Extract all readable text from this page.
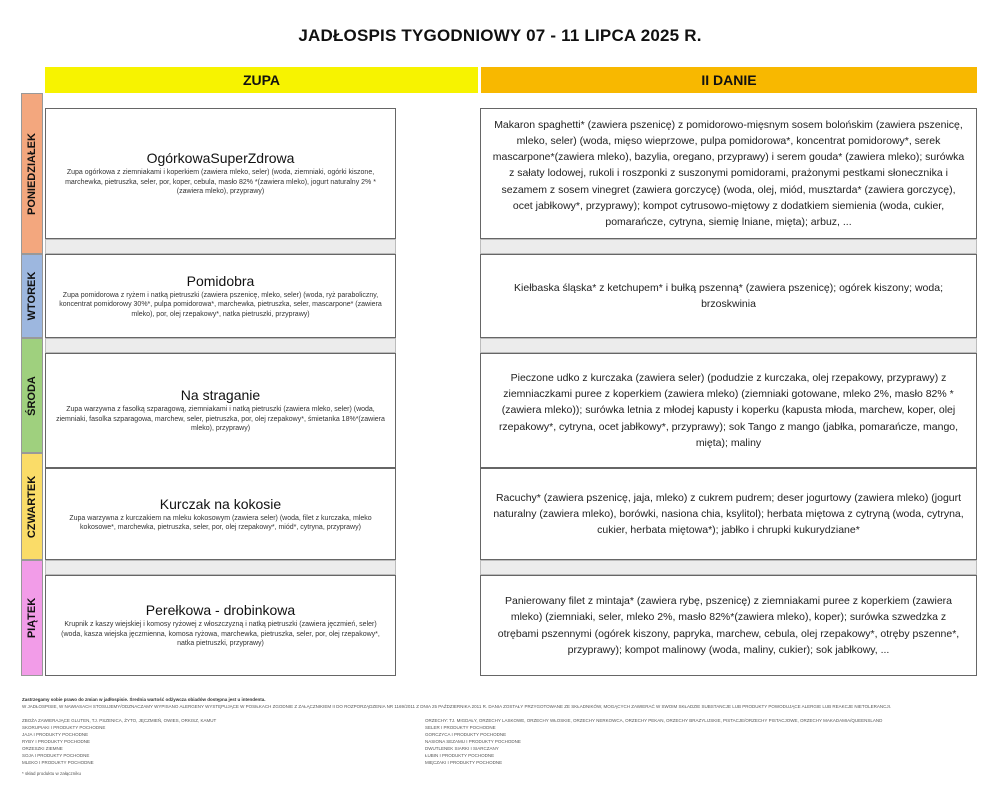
JADŁOSPIS TYGODNIOWY 07 - 11 LIPCA 2025 R.
ZUPA	II DANIE
PONIEDZIAŁEK
WTOREK
ŚRODA
CZWARTEK
PIĄTEK
OgórkowaSuperZdrowa
Zupa ogórkowa z ziemniakami i koperkiem (zawiera mleko, seler) (woda, ziemniaki, ogórki kiszone, marchewka, pietruszka, seler, por, koper, cebula, masło 82% *(zawiera mleko), jogurt naturalny 2% *(zawiera mleko), przyprawy)
Pomidobra
Zupa pomidorowa z ryżem i natką pietruszki (zawiera pszenicę, mleko, seler) (woda, ryż paraboliczny, koncentrat pomidorowy 30%*, pulpa pomidorowa*, marchewka, pietruszka, seler, mascarpone* (zawiera mleko), por, olej rzepakowy*, natka pietruszki, przyprawy)
Na straganie
Zupa warzywna z fasolką szparagową, ziemniakami i natką pietruszki (zawiera mleko, seler) (woda, ziemniaki, fasolka szparagowa, marchew, seler, pietruszka, por, olej rzepakowy*, śmietanka 18%*(zawiera mleko), przyprawy)
Kurczak na kokosie
Zupa warzywna z kurczakiem na mleku kokosowym (zawiera seler) (woda, filet z kurczaka, mleko kokosowe*, marchewka, pietruszka, seler, por, olej rzepakowy*, miód*, cytryna, przyprawy)
Perełkowa - drobinkowa
Krupnik z kaszy wiejskiej i komosy ryżowej z włoszczyzną i natką pietruszki (zawiera jęczmień, seler) (woda, kasza wiejska jęczmienna, komosa ryżowa, marchewka, pietruszka, seler, por, olej rzepakowy*, natka pietruszki, przyprawy)
Makaron spaghetti* (zawiera pszenicę) z pomidorowo-mięsnym sosem bolońskim (zawiera pszenicę, mleko, seler) (woda, mięso wieprzowe, pulpa pomidorowa*, koncentrat pomidorowy*, serek mascarpone*(zawiera mleko), bazylia, oregano, przyprawy) i serem gouda* (zawiera mleko); surówka z sałaty lodowej, rukoli i roszponki z suszonymi pomidorami, prażonymi pestkami słonecznika i sezamem z sosem vinegret (zawiera gorczycę) (woda, olej, miód, musztarda* (zawiera gorczycę), ocet jabłkowy*, przyprawy); kompot cytrusowo-miętowy z dodatkiem siemienia (woda, cukier, pomarańcze, cytryna, siemię lniane, mięta); arbuz, ...
Kiełbaska śląska* z ketchupem* i bułką pszenną* (zawiera pszenicę); ogórek kiszony; woda; brzoskwinia
Pieczone udko z kurczaka (zawiera seler) (podudzie z kurczaka, olej rzepakowy, przyprawy) z ziemniaczkami puree z koperkiem (zawiera mleko) (ziemniaki gotowane, mleko 2%, masło 82% *(zawiera mleko)); surówka letnia z młodej kapusty i koperku (kapusta młoda, marchew, koper, olej rzepakowy*, cytryna, ocet jabłkowy*, przyprawy); sok Tango z mango (jabłka, pomarańcze, mango, mięta); maliny
Racuchy* (zawiera pszenicę, jaja, mleko) z cukrem pudrem; deser jogurtowy (zawiera mleko) (jogurt naturalny (zawiera mleko), borówki, nasiona chia, ksylitol); herbata miętowa z cytryną (woda, cytryna, cukier, herbata miętowa*); jabłko i chrupki kukurydziane*
Panierowany filet z mintaja* (zawiera rybę, pszenicę) z ziemniakami puree z koperkiem (zawiera mleko) (ziemniaki, seler, mleko 2%, masło 82%*(zawiera mleko), koper); surówka szwedzka z otrębami pszennymi (ogórek kiszony, papryka, marchew, cebula, olej rzepakowy*, otręby pszenne*, przyprawy); kompot malinowy (woda, maliny, cukier); sok jabłkowy, ...
Zastrzegamy sobie prawo do zmian w jadłospisie. Średnia wartość odżywcza obiadów dostępna jest u intendenta.
W JADŁOSPISIE, W NAWIASACH STOSUJEMY/ODZNACZAMY WYPISANO ALERGENY WYSTĘPUJĄCE W POSIŁKACH ZGODNIE Z ZAŁĄCZNIKIEM II DO ROZPORZĄDZENIA NR 1169/2011 Z DNIA 25 PAŹDZIERNIKA 2011 R. DANIA ZOSTAŁY PRZYGOTOWANE ZE SKŁADNIKÓW, MOGĄCYCH ZAWIERAĆ W SWOIM SKŁADZIE SUBSTANCJE LUB PRODUKTY POWODUJĄCE ALERGIE LUB REAKCJE NIETOLERANCJI.
ZBOŻA ZAWIERAJĄCE GLUTEN, TJ. PSZENICA, ŻYTO, JĘCZMIEŃ, OWIES, ORKISZ, KAMUT
SKORUPIAKI I PRODUKTY POCHODNE
JAJA I PRODUKTY POCHODNE
RYBY I PRODUKTY POCHODNE
ORZESZKI ZIEMNE
SOJA I PRODUKTY POCHODNE
MLEKO I PRODUKTY POCHODNE
* skład produktu w załączniku
ORZECHY: TJ. MIGDAŁY, ORZECHY LASKOWE, ORZECHY WŁOSKIE, ORZECHY NERKOWCA, ORZECHY PEKAN, ORZECHY BRAZYLIJSKIE, PISTACJE/ORZECHY PISTACJOWE, ORZECHY MAKADAMIA/QUEENSLAND
SELER I PRODUKTY POCHODNE
GORCZYCA I PRODUKTY POCHODNE
NASIONA SEZAMU I PRODUKTY POCHODNE
DWUTLENEK SIARKI I SIARCZANY
ŁUBIN I PRODUKTY POCHODNE
MIĘCZAKI I PRODUKTY POCHODNE
